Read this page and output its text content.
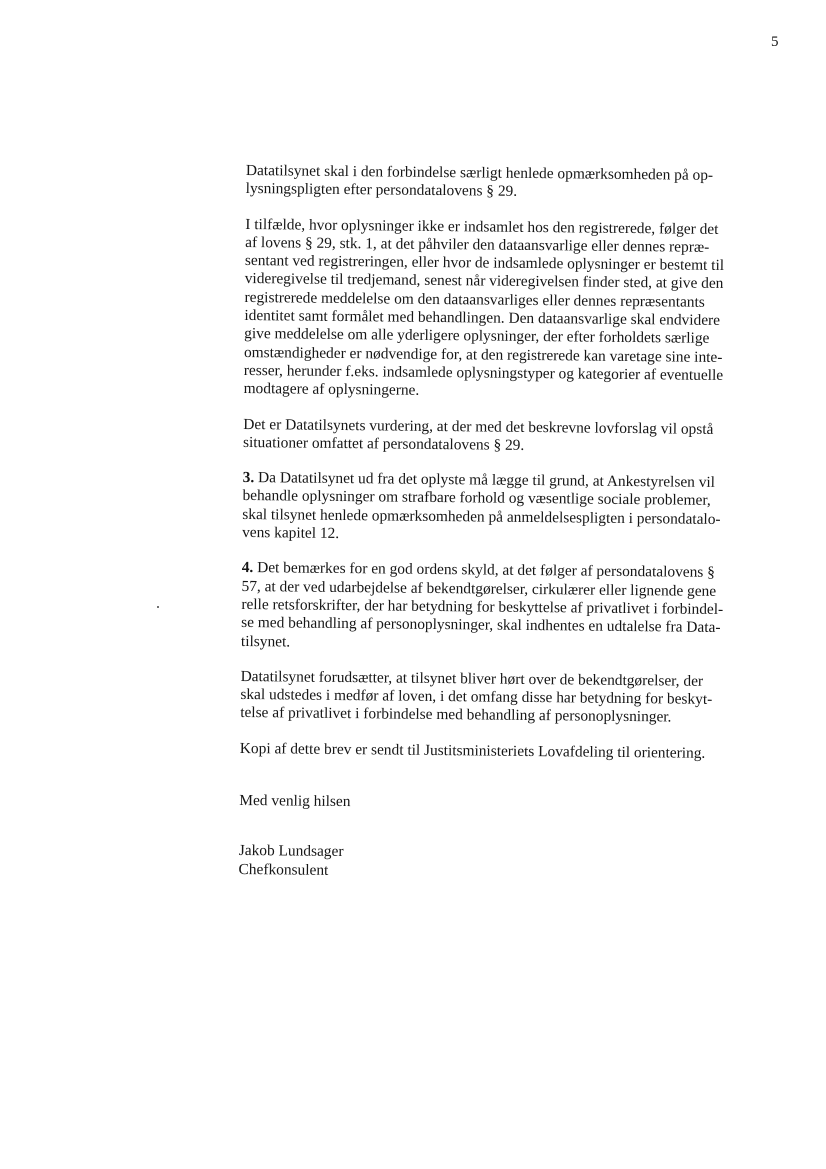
5

Datatilsynet skal i den forbindelse særligt henlede opmærksomheden på op-
lysningspligten efter persondatalovens § 29.

I tilfælde, hvor oplysninger ikke er indsamlet hos den registrerede, følger det
af lovens § 29, stk. 1, at det påhviler den dataansvarlige eller dennes repræ-
sentant ved registreringen, eller hvor de indsamlede oplysninger er bestemt til
videregivelse til tredjemand, senest når videregivelsen finder sted, at give den
registrerede meddelelse om den dataansvarliges eller dennes repræsentants
identitet samt formålet med behandlingen. Den dataansvarlige skal endvidere
give meddelelse om alle yderligere oplysninger, der efter forholdets særlige
omstændigheder er nødvendige for, at den registrerede kan varetage sine inte-
resser, herunder f.eks. indsamlede oplysningstyper og kategorier af eventuelle
modtagere af oplysningerne.

Det er Datatilsynets vurdering, at der med det beskrevne lovforslag vil opstå
situationer omfattet af persondatalovens § 29.

3. Da Datatilsynet ud fra det oplyste må lægge til grund, at Ankestyrelsen vil
behandle oplysninger om strafbare forhold og væsentlige sociale problemer,
skal tilsynet henlede opmærksomheden på anmeldelsespligten i persondatalo-
vens kapitel 12.

4. Det bemærkes for en god ordens skyld, at det følger af persondatalovens §
57, at der ved udarbejdelse af bekendtgørelser, cirkulærer eller lignende gene
relle retsforskrifter, der har betydning for beskyttelse af privatlivet i forbindel-
se med behandling af personoplysninger, skal indhentes en udtalelse fra Data-
tilsynet.

Datatilsynet forudsætter, at tilsynet bliver hørt over de bekendtgørelser, der
skal udstedes i medfør af loven, i det omfang disse har betydning for beskyt-
telse af privatlivet i forbindelse med behandling af personoplysninger.

Kopi af dette brev er sendt til Justitsministeriets Lovafdeling til orientering.

Med venlig hilsen
Jakob Lundsager
Chefkonsulent
